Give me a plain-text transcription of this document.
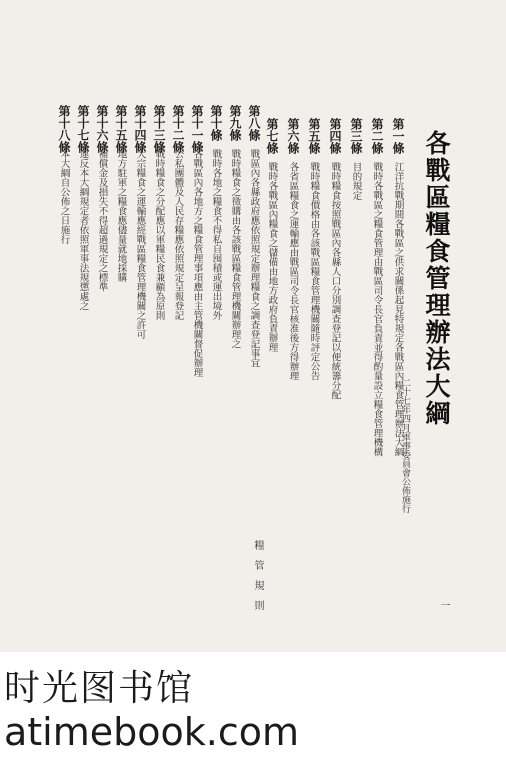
各戰區糧食管理辦法大綱
二十七年四月軍事委員會公佈施行
第一條
江洋抗戰期間各戰區之供求關係起見特規定各戰區內糧食管理辦法大綱
第二條
戰時各戰區之糧食管理由戰區司令長官負責並得酌量設立糧食管理機構
第三條
目的規定
第四條
戰時糧食按照戰區內各縣人口分別調查登記以便統籌分配
第五條
戰時糧食價格由各該戰區糧食管理機關隨時評定公告
第六條
各省區糧食之運輸應由戰區司令長官核准後方得辦理
第七條
戰時各戰區內糧食之儲備由地方政府負責辦理
第八條
戰區內各縣政府應依照規定辦理糧食之調查登記事宜
第九條
戰時糧食之徵購由各該戰區糧食管理機關辦理之
第十條
戰時各地之糧食不得私自囤積或運出境外
第十一條
各戰區內各地方之糧食管理事項應由主管機關督促辦理
第十二條
公私團體及人民存糧應依照規定呈報登記
第十三條
戰時糧食之分配應以軍糧民食兼顧為原則
第十四條
大宗糧食之運輸應經戰區糧食管理機關之許可
第十五條
地方駐軍之糧食應儘量就地採購
第十六條
補償金及損失不得超過規定之標準
第十七條
違反本大綱規定者依照軍事法規懲處之
第十八條
本大綱自公佈之日施行
糧　管　規　則	一
时光图书馆
atimebook.com
